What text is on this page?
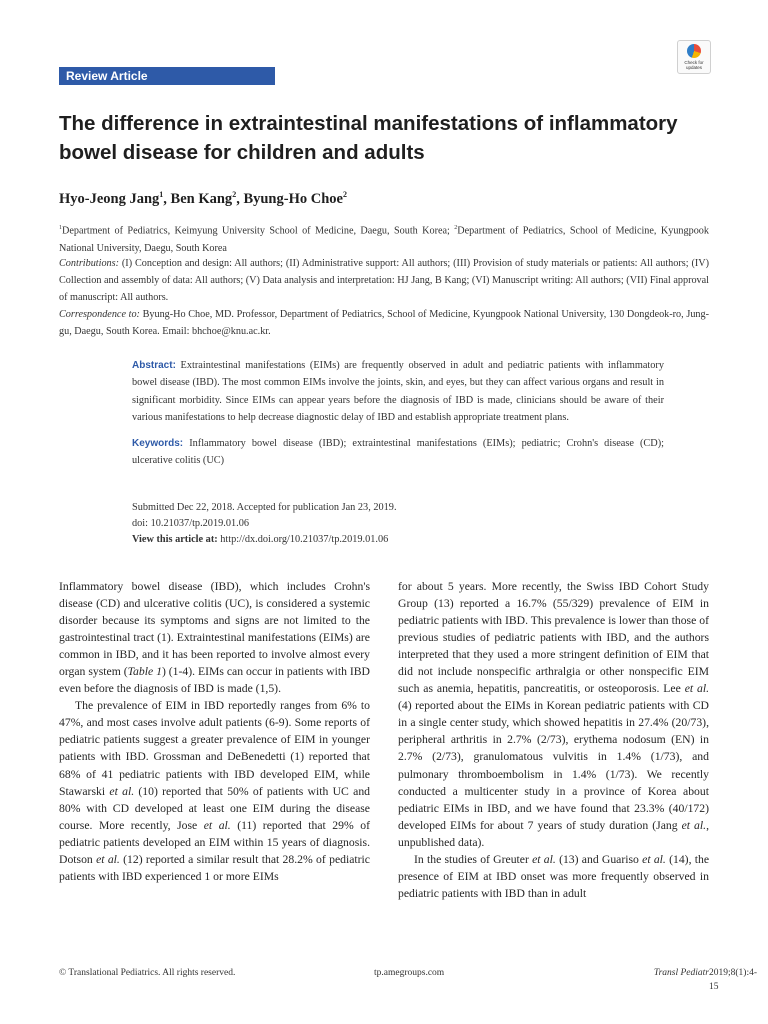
Review Article
Check for
updates
The difference in extraintestinal manifestations of inflammatory bowel disease for children and adults

Hyo-Jeong Jang$^1$, Ben Kang$^2$, Byung-Ho Choe$^2$

$^1$Department of Pediatrics, Keimyung University School of Medicine, Daegu, South Korea; $^2$Department of Pediatrics, School of Medicine, Kyungpook National University, Daegu, South Korea

Contributions: (I) Conception and design: All authors; (II) Administrative support: All authors; (III) Provision of study materials or patients: All authors; (IV) Collection and assembly of data: All authors; (V) Data analysis and interpretation: HJ Jang, B Kang; (VI) Manuscript writing: All authors; (VII) Final approval of manuscript: All authors.

Correspondence to: Byung-Ho Choe, MD. Professor, Department of Pediatrics, School of Medicine, Kyungpook National University, 130 Dongdeok-ro, Jung-gu, Daegu, South Korea. Email: bhchoe@knu.ac.kr.

Abstract: Extraintestinal manifestations (EIMs) are frequently observed in adult and pediatric patients with inflammatory bowel disease (IBD). The most common EIMs involve the joints, skin, and eyes, but they can affect various organs and result in significant morbidity. Since EIMs can appear years before the diagnosis of IBD is made, clinicians should be aware of their various manifestations to help decrease diagnostic delay of IBD and establish appropriate treatment plans.

Keywords: Inflammatory bowel disease (IBD); extraintestinal manifestations (EIMs); pediatric; Crohn's disease (CD); ulcerative colitis (UC)

Submitted Dec 22, 2018. Accepted for publication Jan 23, 2019.
doi: 10.21037/tp.2019.01.06
View this article at: http://dx.doi.org/10.21037/tp.2019.01.06

Inflammatory bowel disease (IBD), which includes Crohn's disease (CD) and ulcerative colitis (UC), is considered a systemic disorder because its symptoms and signs are not limited to the gastrointestinal tract (1). Extraintestinal manifestations (EIMs) are common in IBD, and it has been reported to involve almost every organ system (Table 1) (1-4). EIMs can occur in patients with IBD even before the diagnosis of IBD is made (1,5).

The prevalence of EIM in IBD reportedly ranges from 6% to 47%, and most cases involve adult patients (6-9). Some reports of pediatric patients suggest a greater prevalence of EIM in younger patients with IBD. Grossman and DeBenedetti (1) reported that 68% of 41 pediatric patients with IBD developed EIM, while Stawarski et al. (10) reported that 50% of patients with UC and 80% with CD developed at least one EIM during the disease course. More recently, Jose et al. (11) reported that 29% of pediatric patients developed an EIM within 15 years of diagnosis. Dotson et al. (12) reported a similar result that 28.2% of pediatric patients with IBD experienced 1 or more EIMs

for about 5 years. More recently, the Swiss IBD Cohort Study Group (13) reported a 16.7% (55/329) prevalence of EIM in pediatric patients with IBD. This prevalence is lower than those of previous studies of pediatric patients with IBD, and the authors interpreted that they used a more stringent definition of EIM that did not include nonspecific arthralgia or other nonspecific EIM such as anemia, hepatitis, pancreatitis, or osteoporosis. Lee et al. (4) reported about the EIMs in Korean pediatric patients with CD in a single center study, which showed hepatitis in 27.4% (20/73), peripheral arthritis in 2.7% (2/73), erythema nodosum (EN) in 2.7% (2/73), granulomatous vulvitis in 1.4% (1/73), and pulmonary thromboembolism in 1.4% (1/73). We recently conducted a multicenter study in a province of Korea about pediatric EIMs in IBD, and we have found that 23.3% (40/172) developed EIMs for about 7 years of study duration (Jang et al., unpublished data).

In the studies of Greuter et al. (13) and Guariso et al. (14), the presence of EIM at IBD onset was more frequently observed in pediatric patients with IBD than in adult

© Translational Pediatrics. All rights reserved.	tp.amegroups.com	Transl Pediatr 2019;8(1):4-15
